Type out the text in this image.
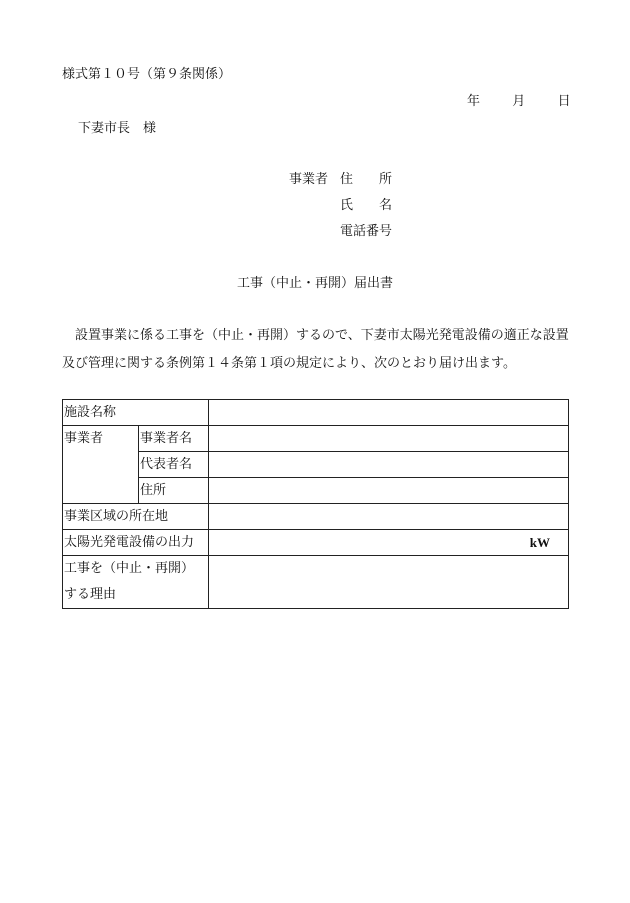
様式第１０号（第９条関係）
年 月 日
下妻市長　様
事業者 住　　所
氏　　名
電話番号
工事（中止・再開）届出書
設置事業に係る工事を（中止・再開）するので、下妻市太陽光発電設備の適正な設置及び管理に関する条例第１４条第１項の規定により、次のとおり届け出ます。
施設名称		
事業者	事業者名	
	代表者名	
	住所	
事業区域の所在地		
太陽光発電設備の出力		kW

工事を（中止・再開）
する理由		
